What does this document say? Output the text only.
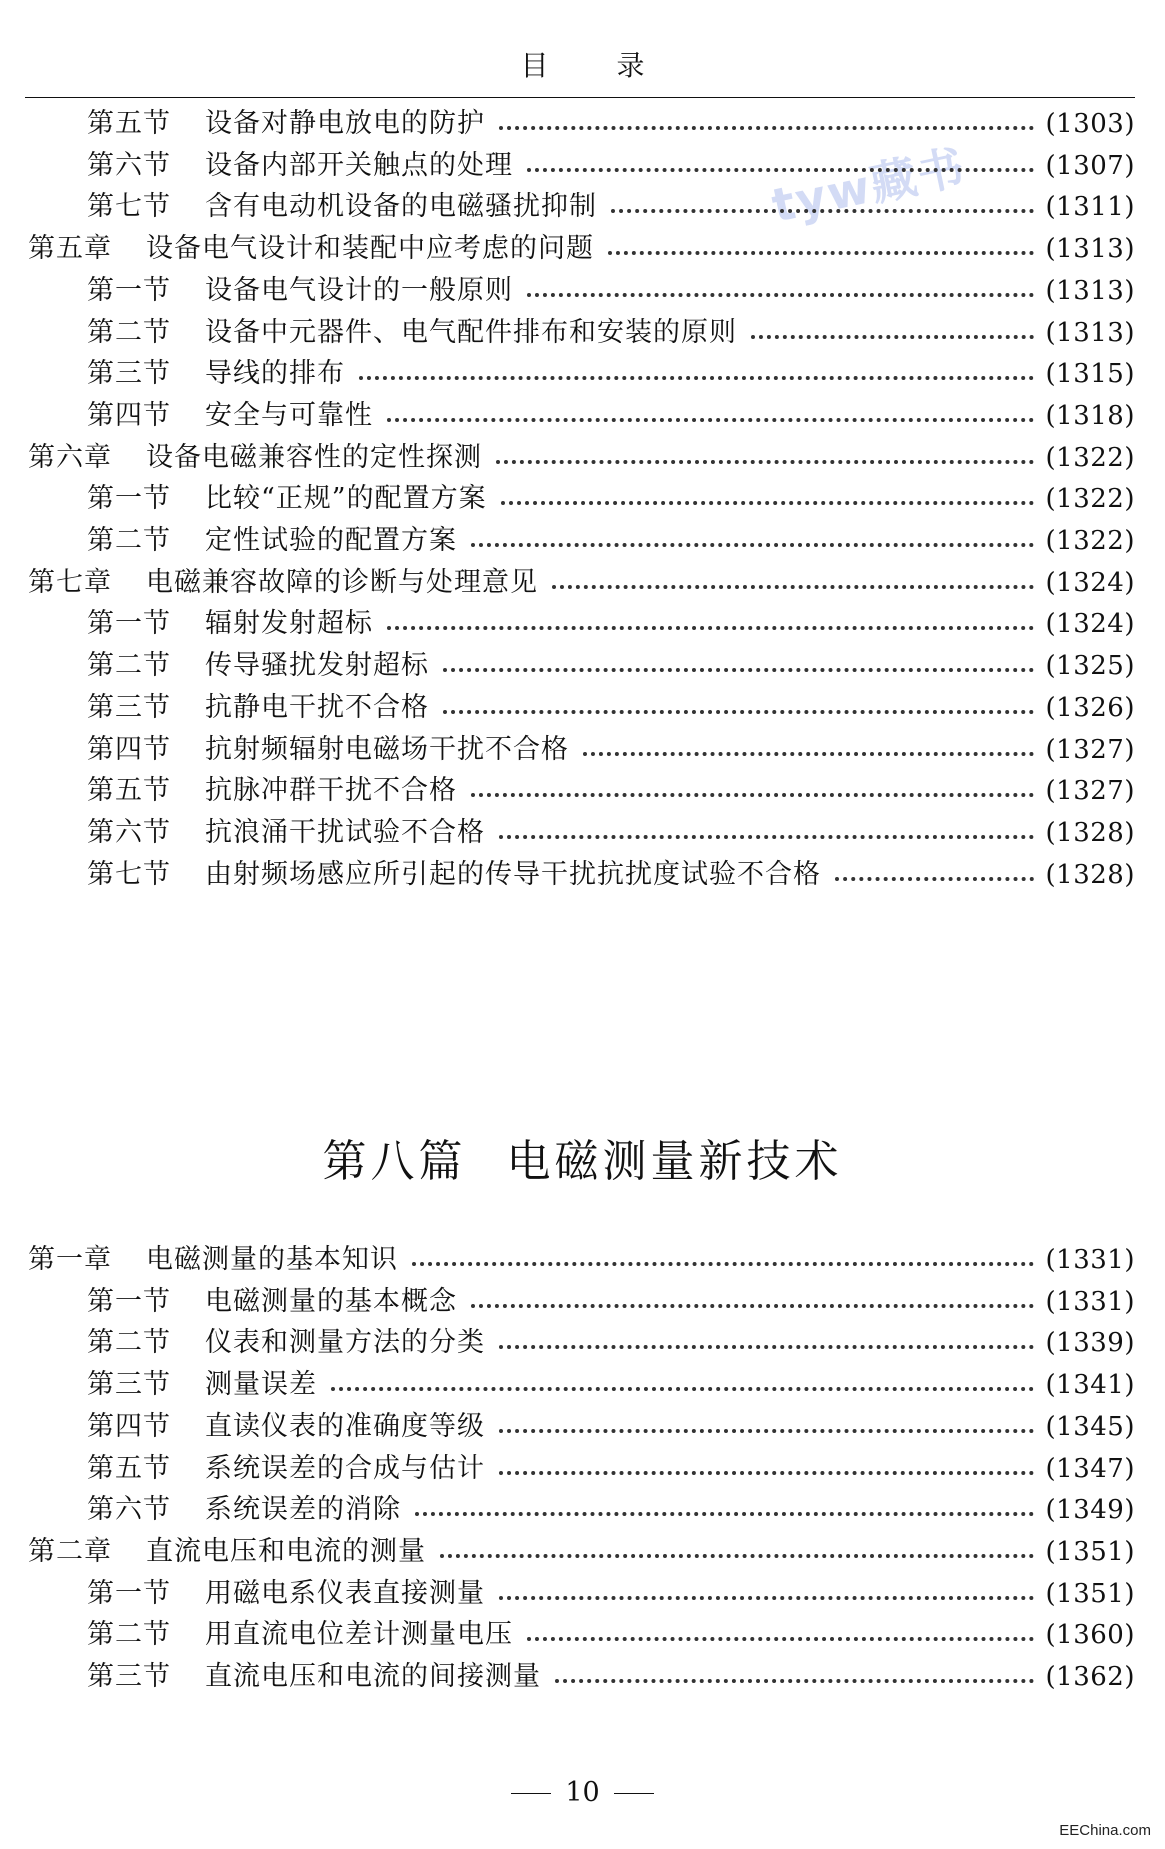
目录
tyw藏书
第五节	设备对静电放电的防护	(1303)
第六节	设备内部开关触点的处理	(1307)
第七节	含有电动机设备的电磁骚扰抑制	(1311)
第五章	设备电气设计和装配中应考虑的问题	(1313)
第一节	设备电气设计的一般原则	(1313)
第二节	设备中元器件、电气配件排布和安装的原则	(1313)
第三节	导线的排布	(1315)
第四节	安全与可靠性	(1318)
第六章	设备电磁兼容性的定性探测	(1322)
第一节	比较“正规”的配置方案	(1322)
第二节	定性试验的配置方案	(1322)
第七章	电磁兼容故障的诊断与处理意见	(1324)
第一节	辐射发射超标	(1324)
第二节	传导骚扰发射超标	(1325)
第三节	抗静电干扰不合格	(1326)
第四节	抗射频辐射电磁场干扰不合格	(1327)
第五节	抗脉冲群干扰不合格	(1327)
第六节	抗浪涌干扰试验不合格	(1328)
第七节	由射频场感应所引起的传导干扰抗扰度试验不合格	(1328)
第八篇 电磁测量新技术
第一章	电磁测量的基本知识	(1331)
第一节	电磁测量的基本概念	(1331)
第二节	仪表和测量方法的分类	(1339)
第三节	测量误差	(1341)
第四节	直读仪表的准确度等级	(1345)
第五节	系统误差的合成与估计	(1347)
第六节	系统误差的消除	(1349)
第二章	直流电压和电流的测量	(1351)
第一节	用磁电系仪表直接测量	(1351)
第二节	用直流电位差计测量电压	(1360)
第三节	直流电压和电流的间接测量	(1362)
10
EEChina.com
